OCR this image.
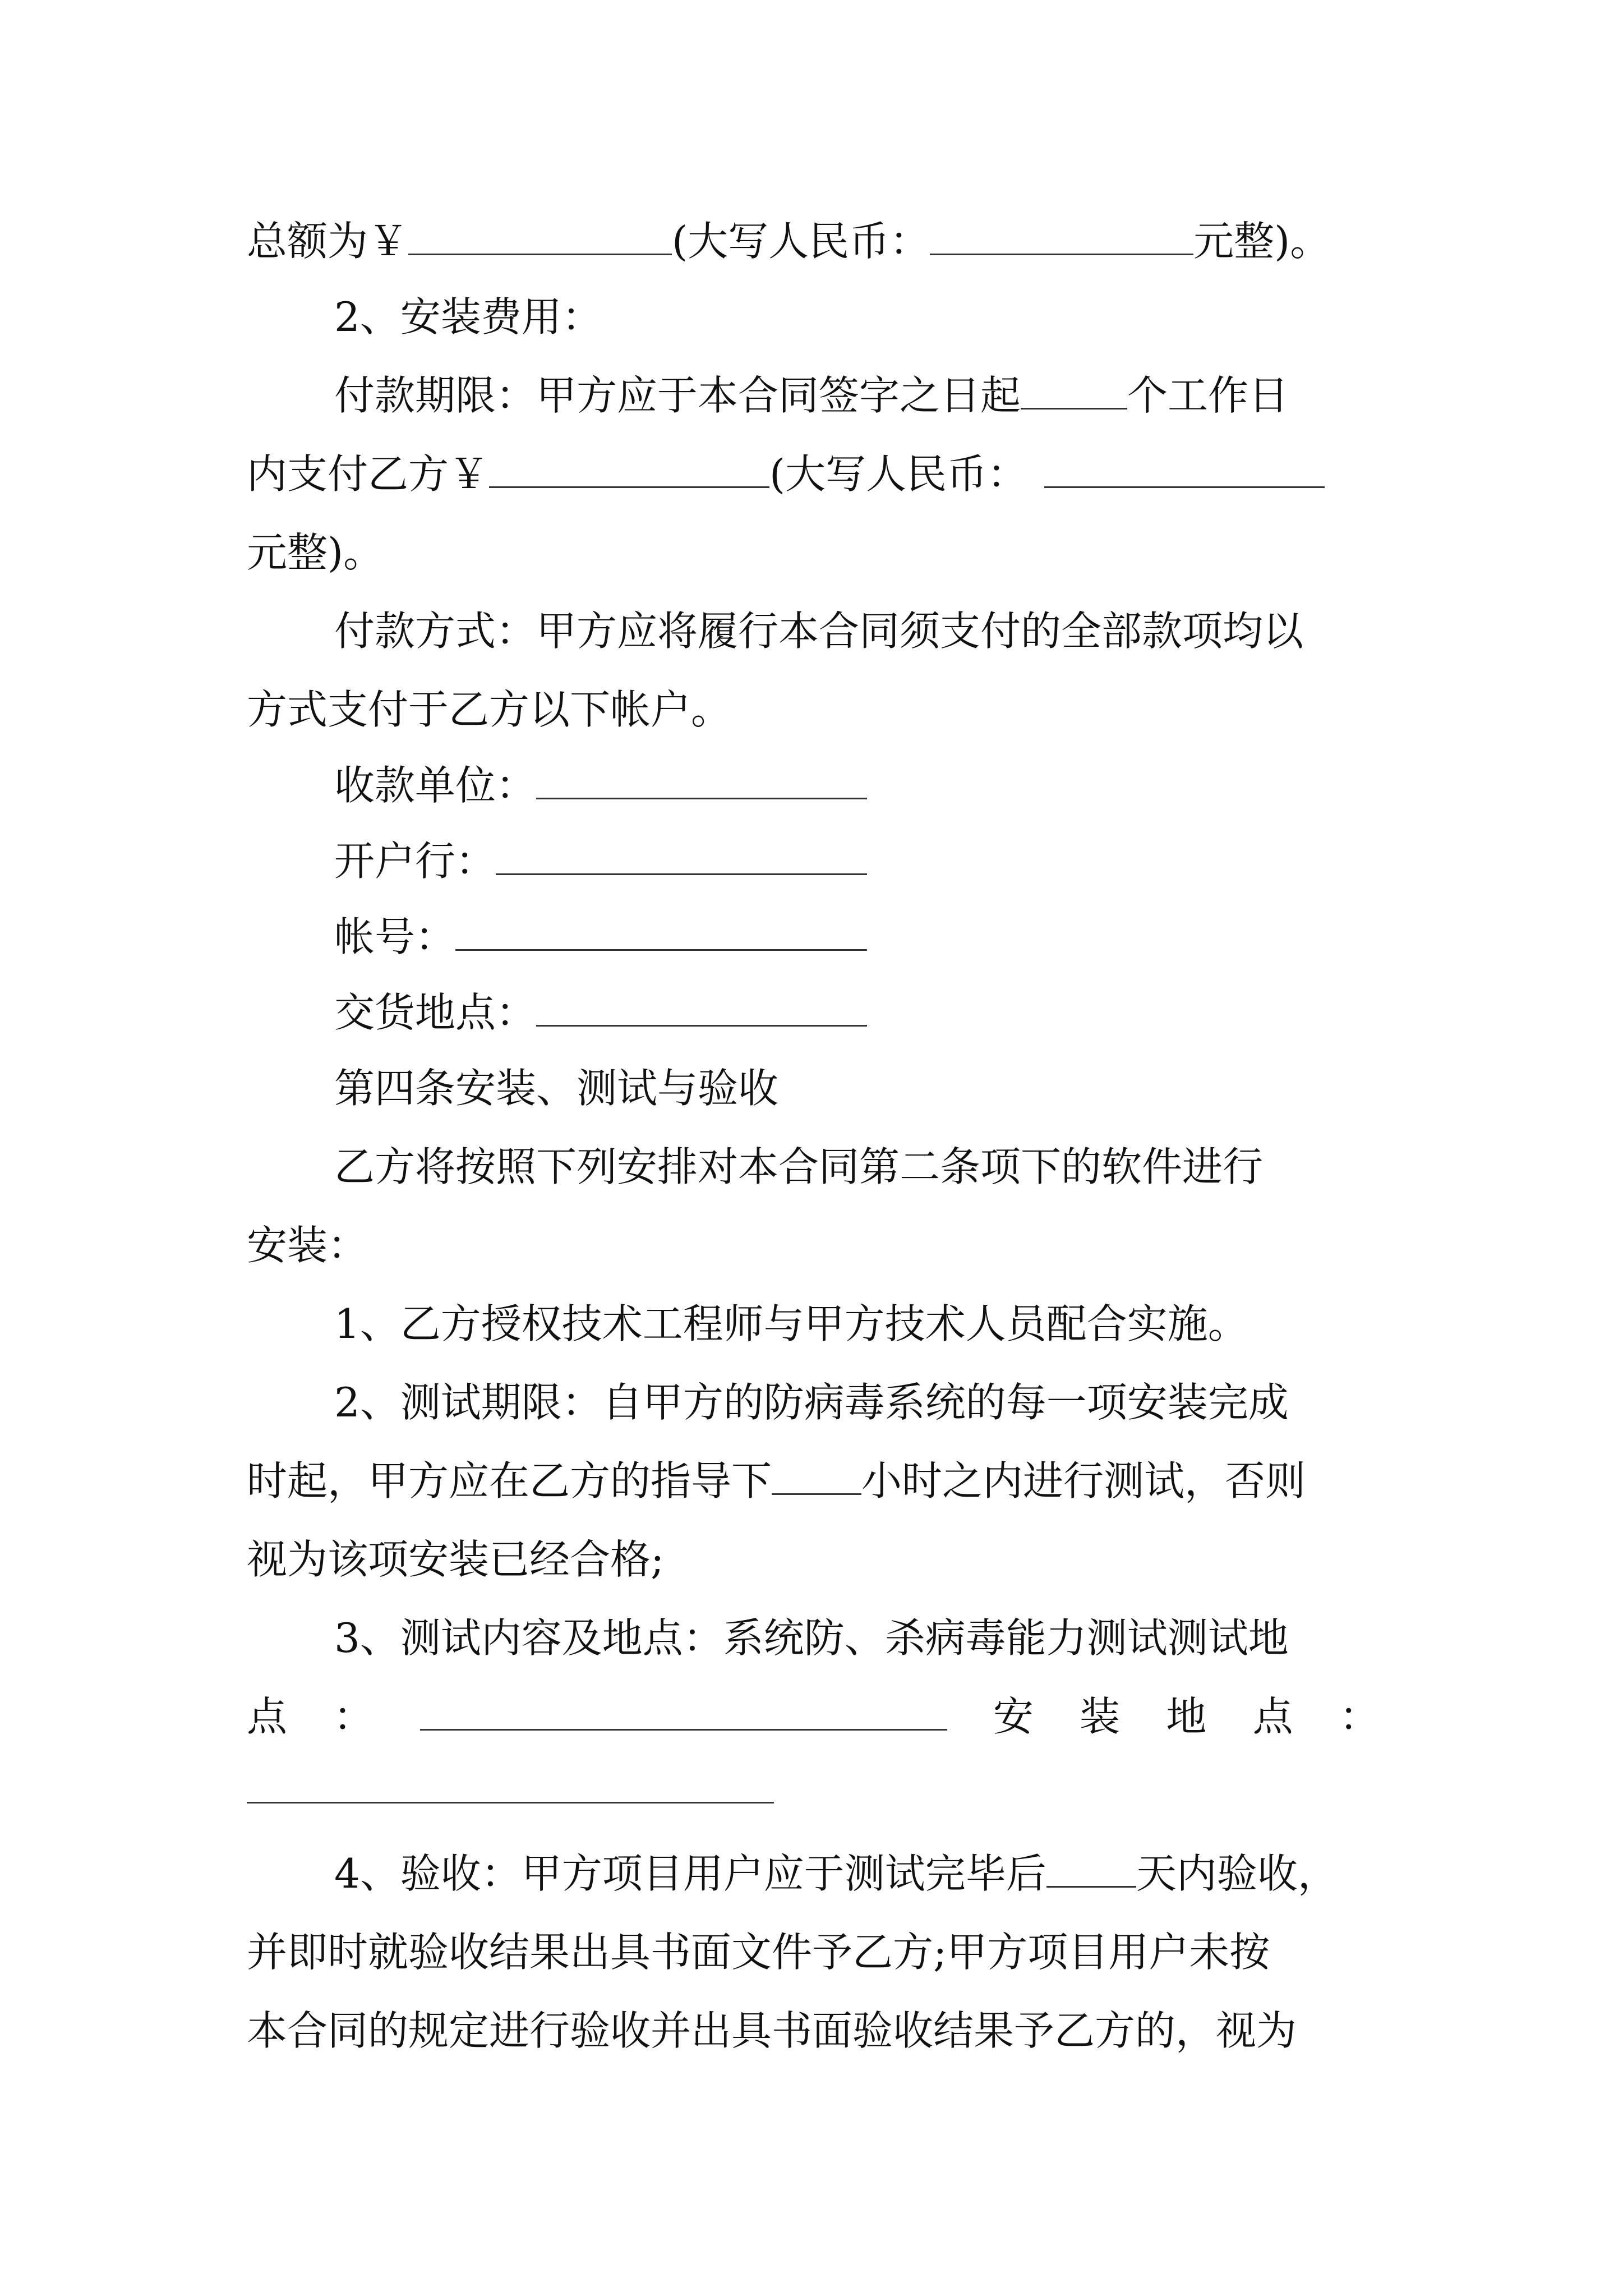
总额为￥	(大写人民币：	元整)。
2、安装费用：
付款期限：甲方应于本合同签字之日起	个工作日
内支付乙方￥	(大写人民币：
元整)。
付款方式：甲方应将履行本合同须支付的全部款项均以
方式支付于乙方以下帐户。
收款单位：
开户行：
帐号：
交货地点：
第四条安装、测试与验收
乙方将按照下列安排对本合同第二条项下的软件进行
安装：
1、乙方授权技术工程师与甲方技术人员配合实施。
2、测试期限：自甲方的防病毒系统的每一项安装完成
时起，甲方应在乙方的指导下 小时之内进行测试，否则
视为该项安装已经合格;
3、测试内容及地点：系统防、杀病毒能力测试测试地
点 ：	安 装 地 点 ：
4、验收：甲方项目用户应于测试完毕后 天内验收，
并即时就验收结果出具书面文件予乙方;甲方项目用户未按
本合同的规定进行验收并出具书面验收结果予乙方的，视为
